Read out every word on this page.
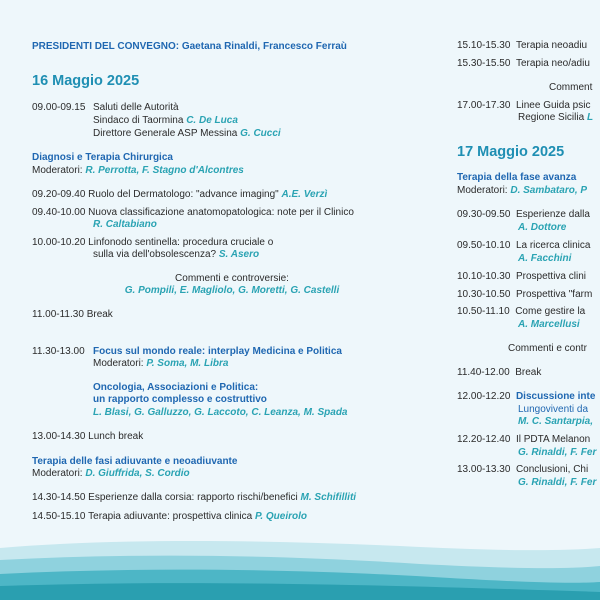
PRESIDENTI DEL CONVEGNO: Gaetana Rinaldi, Francesco Ferraù
16 Maggio 2025
09.00-09.15 Saluti delle Autorità
Sindaco di Taormina C. De Luca
Direttore Generale ASP Messina G. Cucci
Diagnosi e Terapia Chirurgica
Moderatori: R. Perrotta, F. Stagno d'Alcontres
09.20-09.40 Ruolo del Dermatologo: "advance imaging" A.E. Verzì
09.40-10.00 Nuova classificazione anatomopatologica: note per il Clinico
R. Caltabiano
10.00-10.20 Linfonodo sentinella: procedura cruciale o
sulla via dell'obsolescenza? S. Asero
Commenti e controversie:
G. Pompili, E. Magliolo, G. Moretti, G. Castelli
11.00-11.30 Break
11.30-13.00 Focus sul mondo reale: interplay Medicina e Politica
Moderatori: P. Soma, M. Libra
Oncologia, Associazioni e Politica:
un rapporto complesso e costruttivo
L. Blasi, G. Galluzzo, G. Laccoto, C. Leanza, M. Spada
13.00-14.30 Lunch break
Terapia delle fasi adiuvante e neoadiuvante
Moderatori: D. Giuffrida, S. Cordio
14.30-14.50 Esperienze dalla corsia: rapporto rischi/benefici M. Schifilliti
14.50-15.10 Terapia adiuvante: prospettiva clinica P. Queirolo
15.10-15.30 Terapia neoadiu
15.30-15.50 Terapia neo/adiu
Comment
17.00-17.30 Linee Guida psic
Regione Sicilia L
17 Maggio 2025
Terapia della fase avanza
Moderatori: D. Sambataro, P
09.30-09.50 Esperienze dalla
A. Dottore
09.50-10.10 La ricerca clinica
A. Facchini
10.10-10.30 Prospettiva clini
10.30-10.50 Prospettiva "farm
10.50-11.10 Come gestire la
A. Marcellusi
Commenti e contr
11.40-12.00 Break
12.00-12.20 Discussione inte
Lungoviventi da
M. C. Santarpia,
12.20-12.40 Il PDTA Melanon
G. Rinaldi, F. Fer
13.00-13.30 Conclusioni, Chi
G. Rinaldi, F. Fer
